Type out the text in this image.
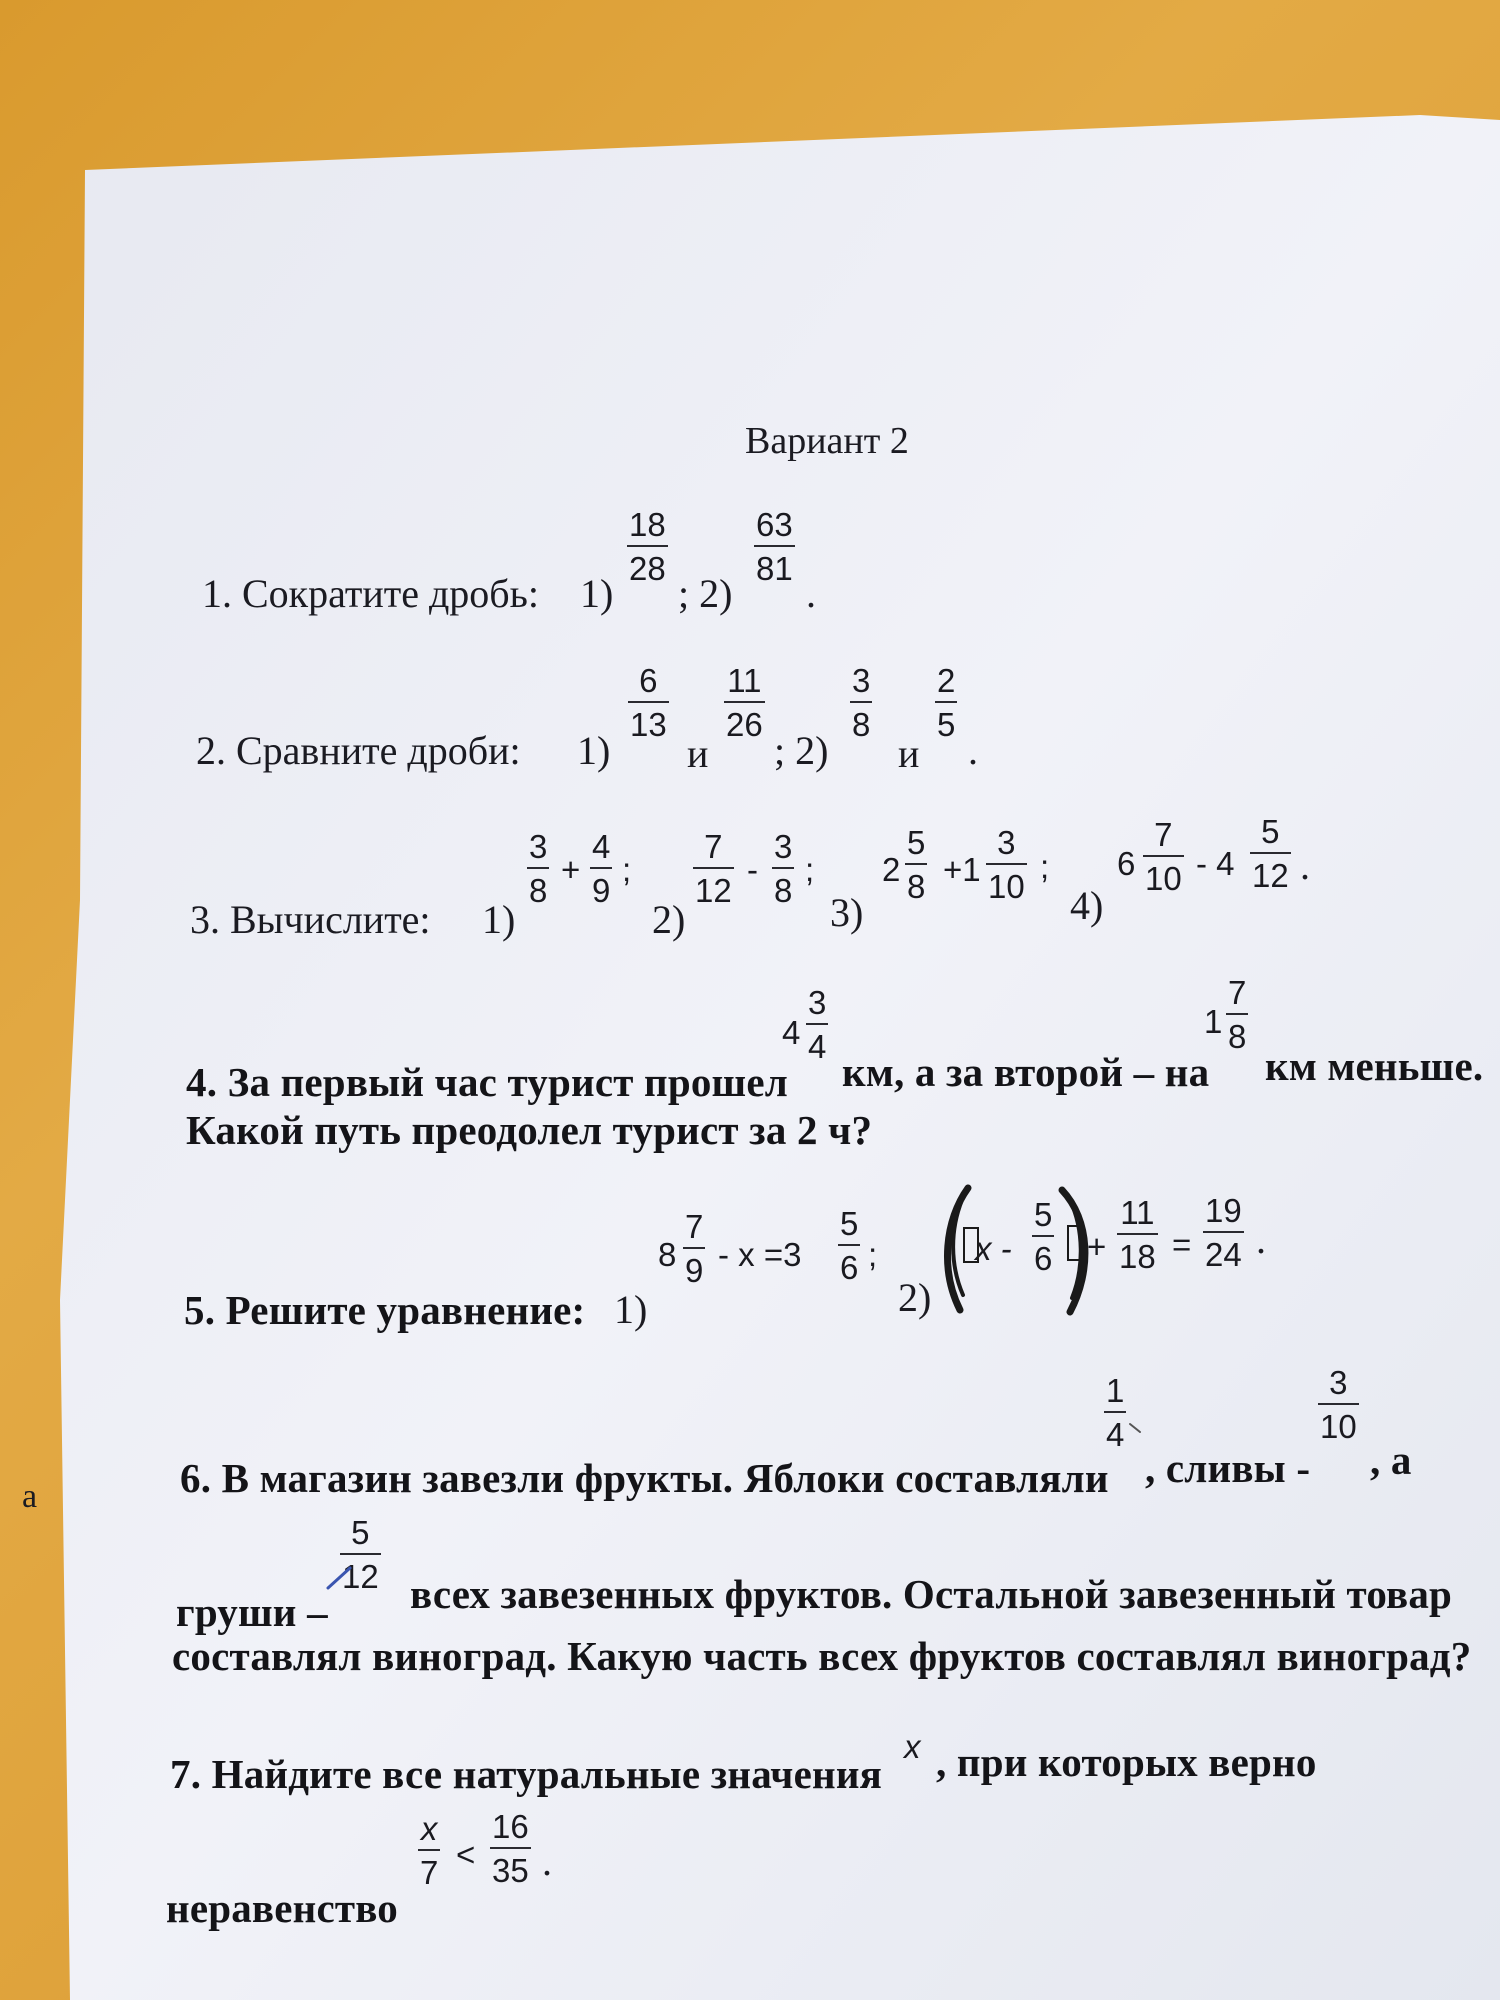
Вариант 2
1. Сократите дробь: 1)
18
28
; 2)
63
81
.
2. Сравните дроби: 1)
6
13
и
11
26
; 2)
3
8
и
2
5
.
3. Вычислите: 1)
3
8
+
4
9
;
2)
7
12
-
3
8
;
3)
2
5
8 +1
3
10
;
4)
6
7
10 - 4
5
12 .
4. За первый час турист прошел
4
3
4
км, а за второй – на
1
7
8
км меньше.
Какой путь преодолел турист за 2 ч?
5. Решите уравнение: 1)
8
7
9 - x =3
5
6 ;
2)
x -
5
6 +
11
18 =
19
24 .
а	6. В магазин завезли фрукты. Яблоки составляли
1
4
, сливы -
3
10
, а
груши –
5
12 всех завезенных фруктов. Остальной завезенный товар
составлял виноград. Какую часть всех фруктов составлял виноград?
7. Найдите все натуральные значения
x , при которых верно
неравенство
x
7 <
16
35 .
